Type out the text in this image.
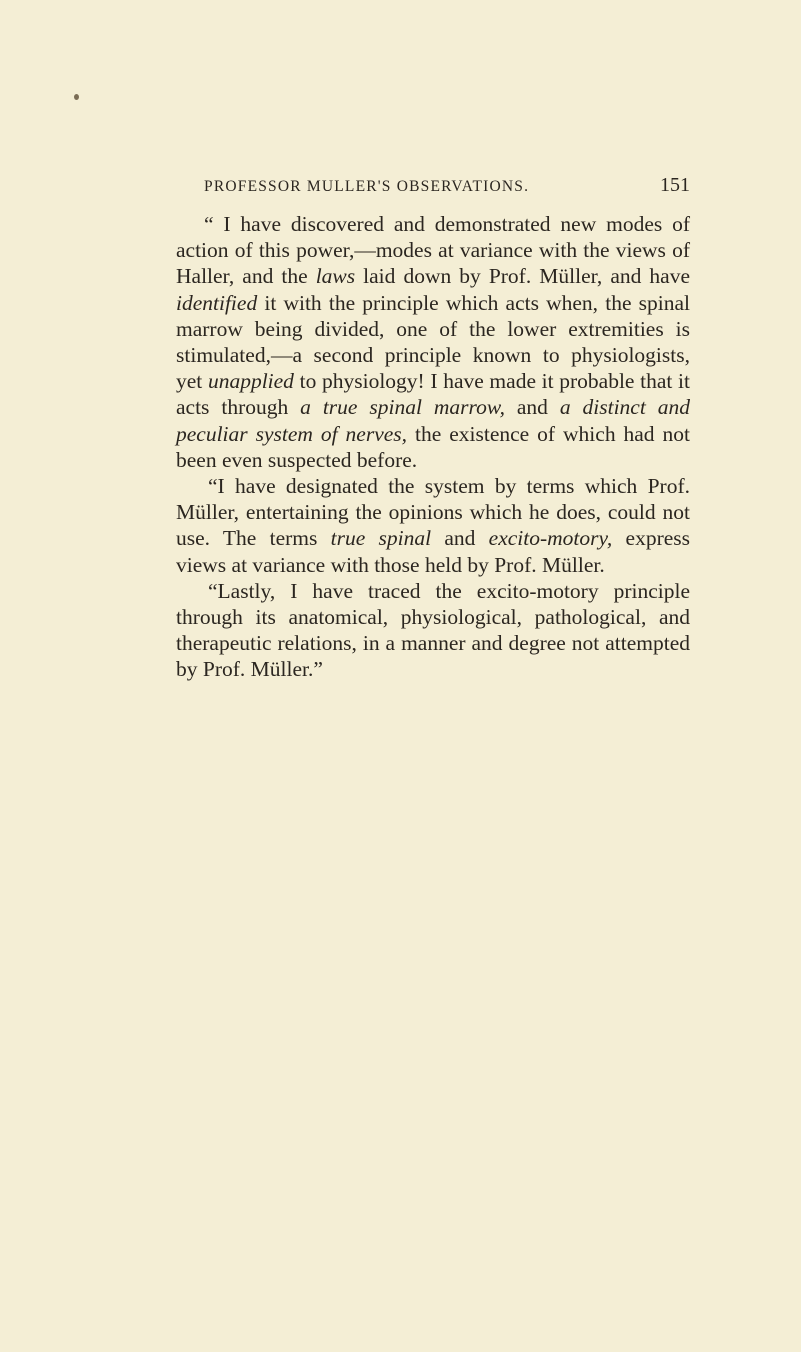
PROFESSOR MULLER'S OBSERVATIONS.	151

“ I have discovered and demonstrated new modes of action of this power,—modes at variance with the views of Haller, and the laws laid down by Prof. Müller, and have identified it with the principle which acts when, the spinal marrow being divided, one of the lower extremities is stimulated,—a second principle known to physiologists, yet unapplied to physiology! I have made it probable that it acts through a true spinal marrow, and a distinct and peculiar system of nerves, the existence of which had not been even suspected before.

“I have designated the system by terms which Prof. Müller, entertaining the opinions which he does, could not use. The terms true spinal and excito-motory, express views at variance with those held by Prof. Müller.

“Lastly, I have traced the excito-motory principle through its anatomical, physiological, pathological, and therapeutic relations, in a manner and degree not attempted by Prof. Müller.”
